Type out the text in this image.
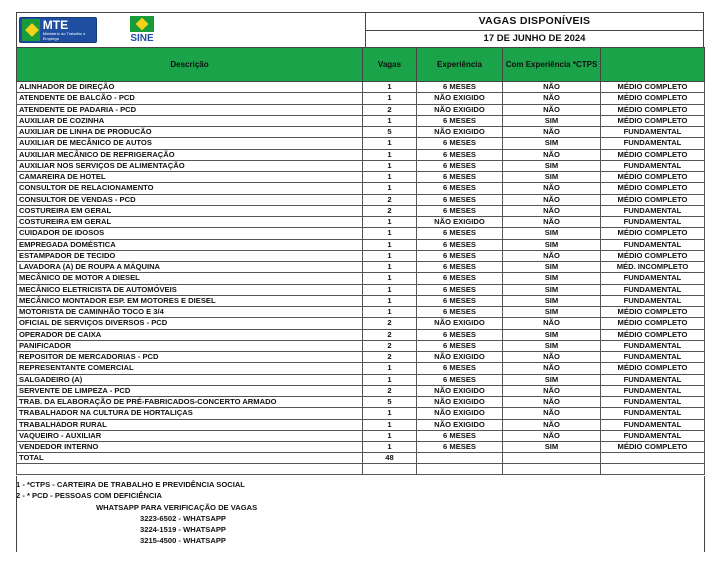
MTE
Ministério do Trabalho e Emprego	SINE
VAGAS DISPONÍVEIS
17 DE JUNHO DE 2024
Descrição	Vagas	Experiência	Com Experiência *CTPS	
ALINHADOR DE DIREÇÃO	1	6 MESES	NÃO	MÉDIO COMPLETO
ATENDENTE DE BALCÃO - PCD	1	NÃO EXIGIDO	NÃO	MÉDIO COMPLETO
ATENDENTE DE PADARIA - PCD	2	NÃO EXIGIDO	NÃO	MÉDIO COMPLETO
AUXILIAR DE COZINHA	1	6 MESES	SIM	MÉDIO COMPLETO
AUXILIAR DE LINHA DE PRODUCÃO	5	NÃO EXIGIDO	NÃO	FUNDAMENTAL
AUXILIAR DE MECÂNICO DE AUTOS	1	6 MESES	SIM	FUNDAMENTAL
AUXILIAR MECÂNICO DE REFRIGERAÇÃO	1	6 MESES	NÃO	MÉDIO COMPLETO
AUXILIAR NOS SERVIÇOS DE ALIMENTAÇÃO	1	6 MESES	SIM	FUNDAMENTAL
CAMAREIRA DE HOTEL	1	6 MESES	SIM	MÉDIO COMPLETO
CONSULTOR DE RELACIONAMENTO	1	6 MESES	NÃO	MÉDIO COMPLETO
CONSULTOR DE VENDAS - PCD	2	6 MESES	NÃO	MÉDIO COMPLETO
COSTUREIRA EM GERAL	2	6 MESES	NÃO	FUNDAMENTAL
COSTUREIRA EM GERAL	1	NÃO EXIGIDO	NÃO	FUNDAMENTAL
CUIDADOR DE IDOSOS	1	6 MESES	SIM	MÉDIO COMPLETO
EMPREGADA DOMÉSTICA	1	6 MESES	SIM	FUNDAMENTAL
ESTAMPADOR DE TECIDO	1	6 MESES	NÃO	MÉDIO COMPLETO
LAVADORA (A) DE ROUPA A MÁQUINA	1	6 MESES	SIM	MÉD. INCOMPLETO
MECÂNICO DE MOTOR A DIESEL	1	6 MESES	SIM	FUNDAMENTAL
MECÂNICO ELETRICISTA DE AUTOMÓVEIS	1	6 MESES	SIM	FUNDAMENTAL
MECÂNICO MONTADOR ESP. EM MOTORES E DIESEL	1	6 MESES	SIM	FUNDAMENTAL
MOTORISTA DE CAMINHÃO TOCO E 3/4	1	6 MESES	SIM	MÉDIO COMPLETO
OFICIAL DE SERVIÇOS DIVERSOS - PCD	2	NÃO EXIGIDO	NÃO	MÉDIO COMPLETO
OPERADOR DE CAIXA	2	6 MESES	SIM	MÉDIO COMPLETO
PANIFICADOR	2	6 MESES	SIM	FUNDAMENTAL
REPOSITOR DE MERCADORIAS - PCD	2	NÃO EXIGIDO	NÃO	FUNDAMENTAL
REPRESENTANTE COMERCIAL	1	6 MESES	NÃO	MÉDIO COMPLETO
SALGADEIRO (A)	1	6 MESES	SIM	FUNDAMENTAL
SERVENTE DE LIMPEZA - PCD	2	NÃO EXIGIDO	NÃO	FUNDAMENTAL
TRAB. DA ELABORAÇÃO DE PRÉ-FABRICADOS-CONCERTO ARMADO	5	NÃO EXIGIDO	NÃO	FUNDAMENTAL
TRABALHADOR NA CULTURA DE HORTALIÇAS	1	NÃO EXIGIDO	NÃO	FUNDAMENTAL
TRABALHADOR RURAL	1	NÃO EXIGIDO	NÃO	FUNDAMENTAL
VAQUEIRO - AUXILIAR	1	6 MESES	NÃO	FUNDAMENTAL
VENDEDOR INTERNO	1	6 MESES	SIM	MÉDIO COMPLETO
TOTAL	48			

1 - *CTPS - CARTEIRA DE TRABALHO E PREVIDÊNCIA SOCIAL
2 - * PCD - PESSOAS COM DEFICIÊNCIA
WHATSAPP PARA VERIFICAÇÃO DE VAGAS
3223-6502 - WHATSAPP
3224-1519 - WHATSAPP
3215-4500 - WHATSAPP
